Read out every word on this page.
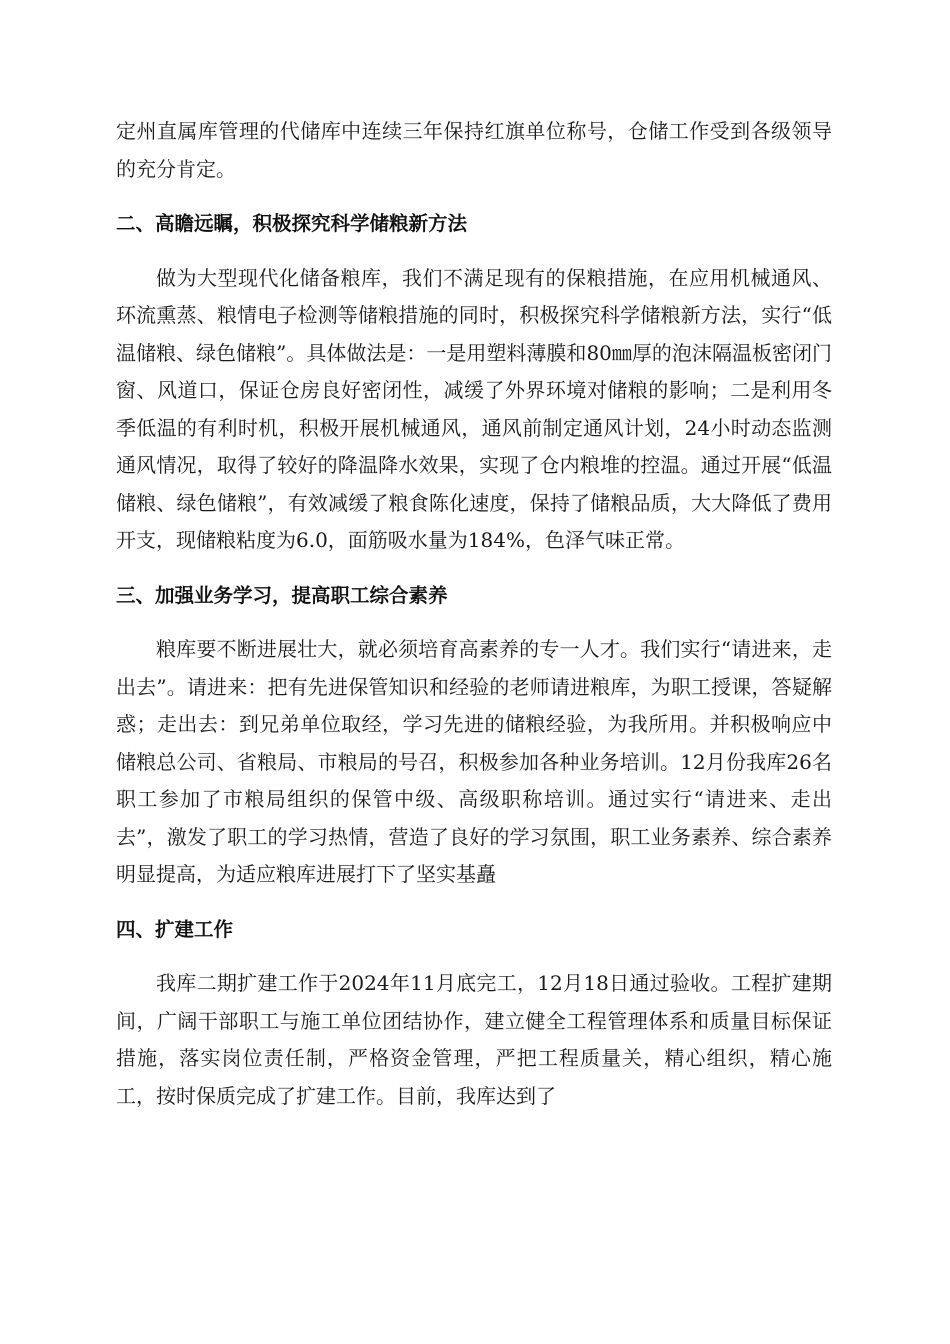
定州直属库管理的代储库中连续三年保持红旗单位称号，仓储工作受到各级领导的充分肯定。

二、高瞻远瞩，积极探究科学储粮新方法

做为大型现代化储备粮库，我们不满足现有的保粮措施，在应用机械通风、环流熏蒸、粮情电子检测等储粮措施的同时，积极探究科学储粮新方法，实行“低温储粮、绿色储粮”。具体做法是：一是用塑料薄膜和80㎜厚的泡沫隔温板密闭门窗、风道口，保证仓房良好密闭性，减缓了外界环境对储粮的影响；二是利用冬季低温的有利时机，积极开展机械通风，通风前制定通风计划，24小时动态监测通风情况，取得了较好的降温降水效果，实现了仓内粮堆的控温。通过开展“低温储粮、绿色储粮”，有效减缓了粮食陈化速度，保持了储粮品质，大大降低了费用开支，现储粮粘度为6.0，面筋吸水量为184%，色泽气味正常。

三、加强业务学习，提高职工综合素养

粮库要不断进展壮大，就必须培育高素养的专一人才。我们实行“请进来，走出去”。请进来：把有先进保管知识和经验的老师请进粮库，为职工授课，答疑解惑；走出去：到兄弟单位取经，学习先进的储粮经验，为我所用。并积极响应中储粮总公司、省粮局、市粮局的号召，积极参加各种业务培训。12月份我库26名职工参加了市粮局组织的保管中级、高级职称培训。通过实行“请进来、走出去”，激发了职工的学习热情，营造了良好的学习氛围，职工业务素养、综合素养明显提高，为适应粮库进展打下了坚实基矗

四、扩建工作

我库二期扩建工作于2024年11月底完工，12月18日通过验收。工程扩建期间，广阔干部职工与施工单位团结协作，建立健全工程管理体系和质量目标保证措施，落实岗位责任制，严格资金管理，严把工程质量关，精心组织，精心施工，按时保质完成了扩建工作。目前，我库达到了
